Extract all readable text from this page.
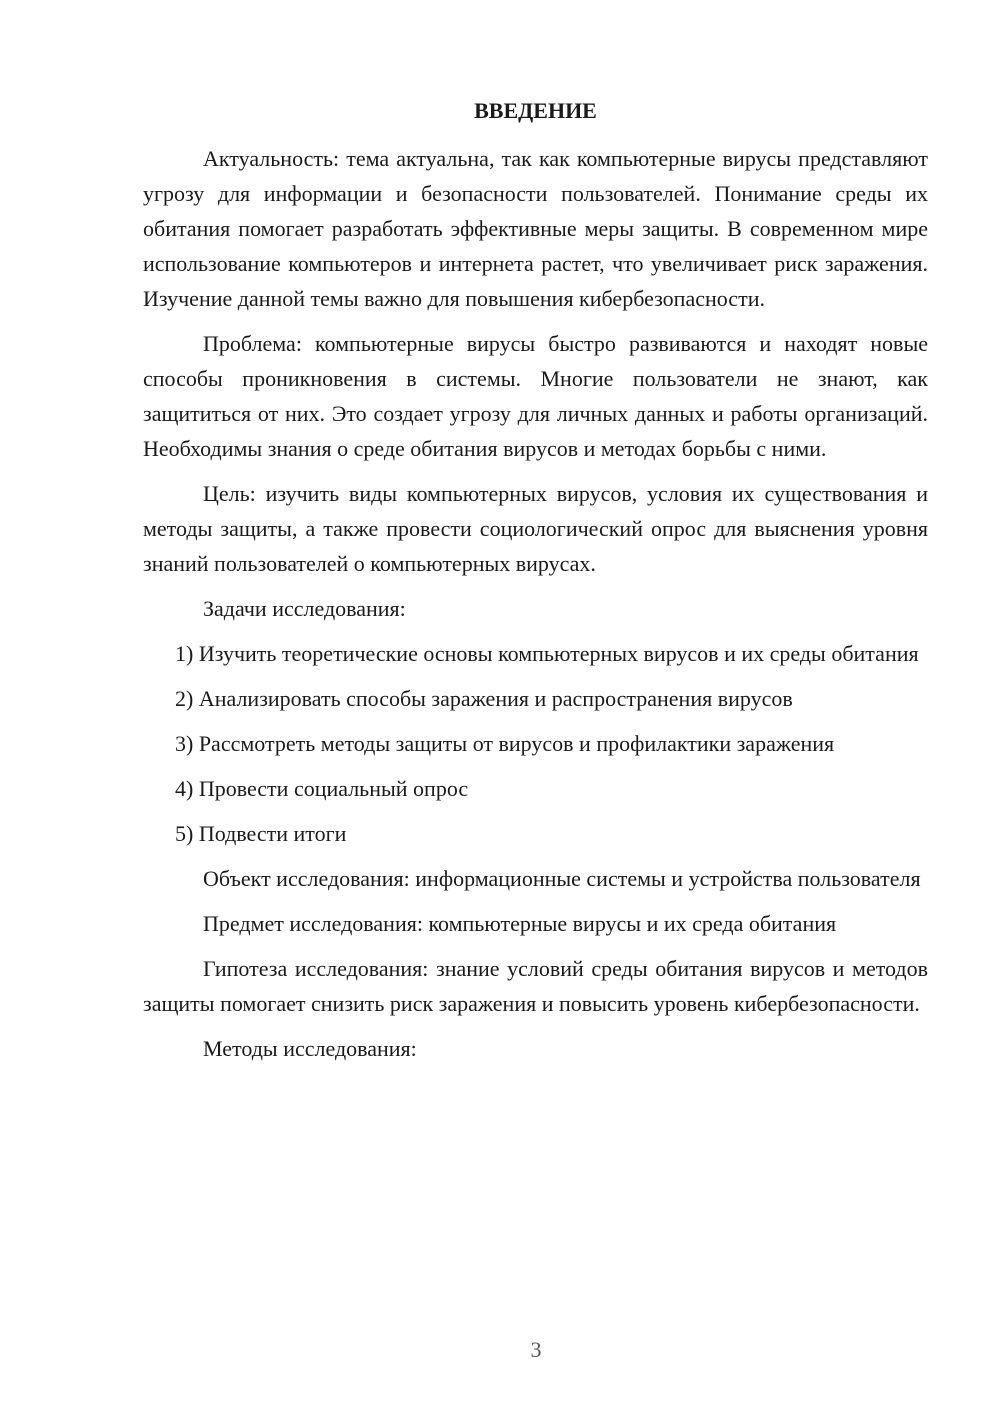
ВВЕДЕНИЕ

Актуальность: тема актуальна, так как компьютерные вирусы представляют угрозу для информации и безопасности пользователей. Понимание среды их обитания помогает разработать эффективные меры защиты. В современном мире использование компьютеров и интернета растет, что увеличивает риск заражения. Изучение данной темы важно для повышения кибербезопасности.

Проблема: компьютерные вирусы быстро развиваются и находят новые способы проникновения в системы. Многие пользователи не знают, как защититься от них. Это создает угрозу для личных данных и работы организаций. Необходимы знания о среде обитания вирусов и методах борьбы с ними.

Цель: изучить виды компьютерных вирусов, условия их существования и методы защиты, а также провести социологический опрос для выяснения уровня знаний пользователей о компьютерных вирусах.

Задачи исследования:

1) Изучить теоретические основы компьютерных вирусов и их среды обитания

2) Анализировать способы заражения и распространения вирусов

3) Рассмотреть методы защиты от вирусов и профилактики заражения

4) Провести социальный опрос

5) Подвести итоги

Объект исследования: информационные системы и устройства пользователя

Предмет исследования: компьютерные вирусы и их среда обитания

Гипотеза исследования: знание условий среды обитания вирусов и методов защиты помогает снизить риск заражения и повысить уровень кибербезопасности.

Методы исследования:

3
